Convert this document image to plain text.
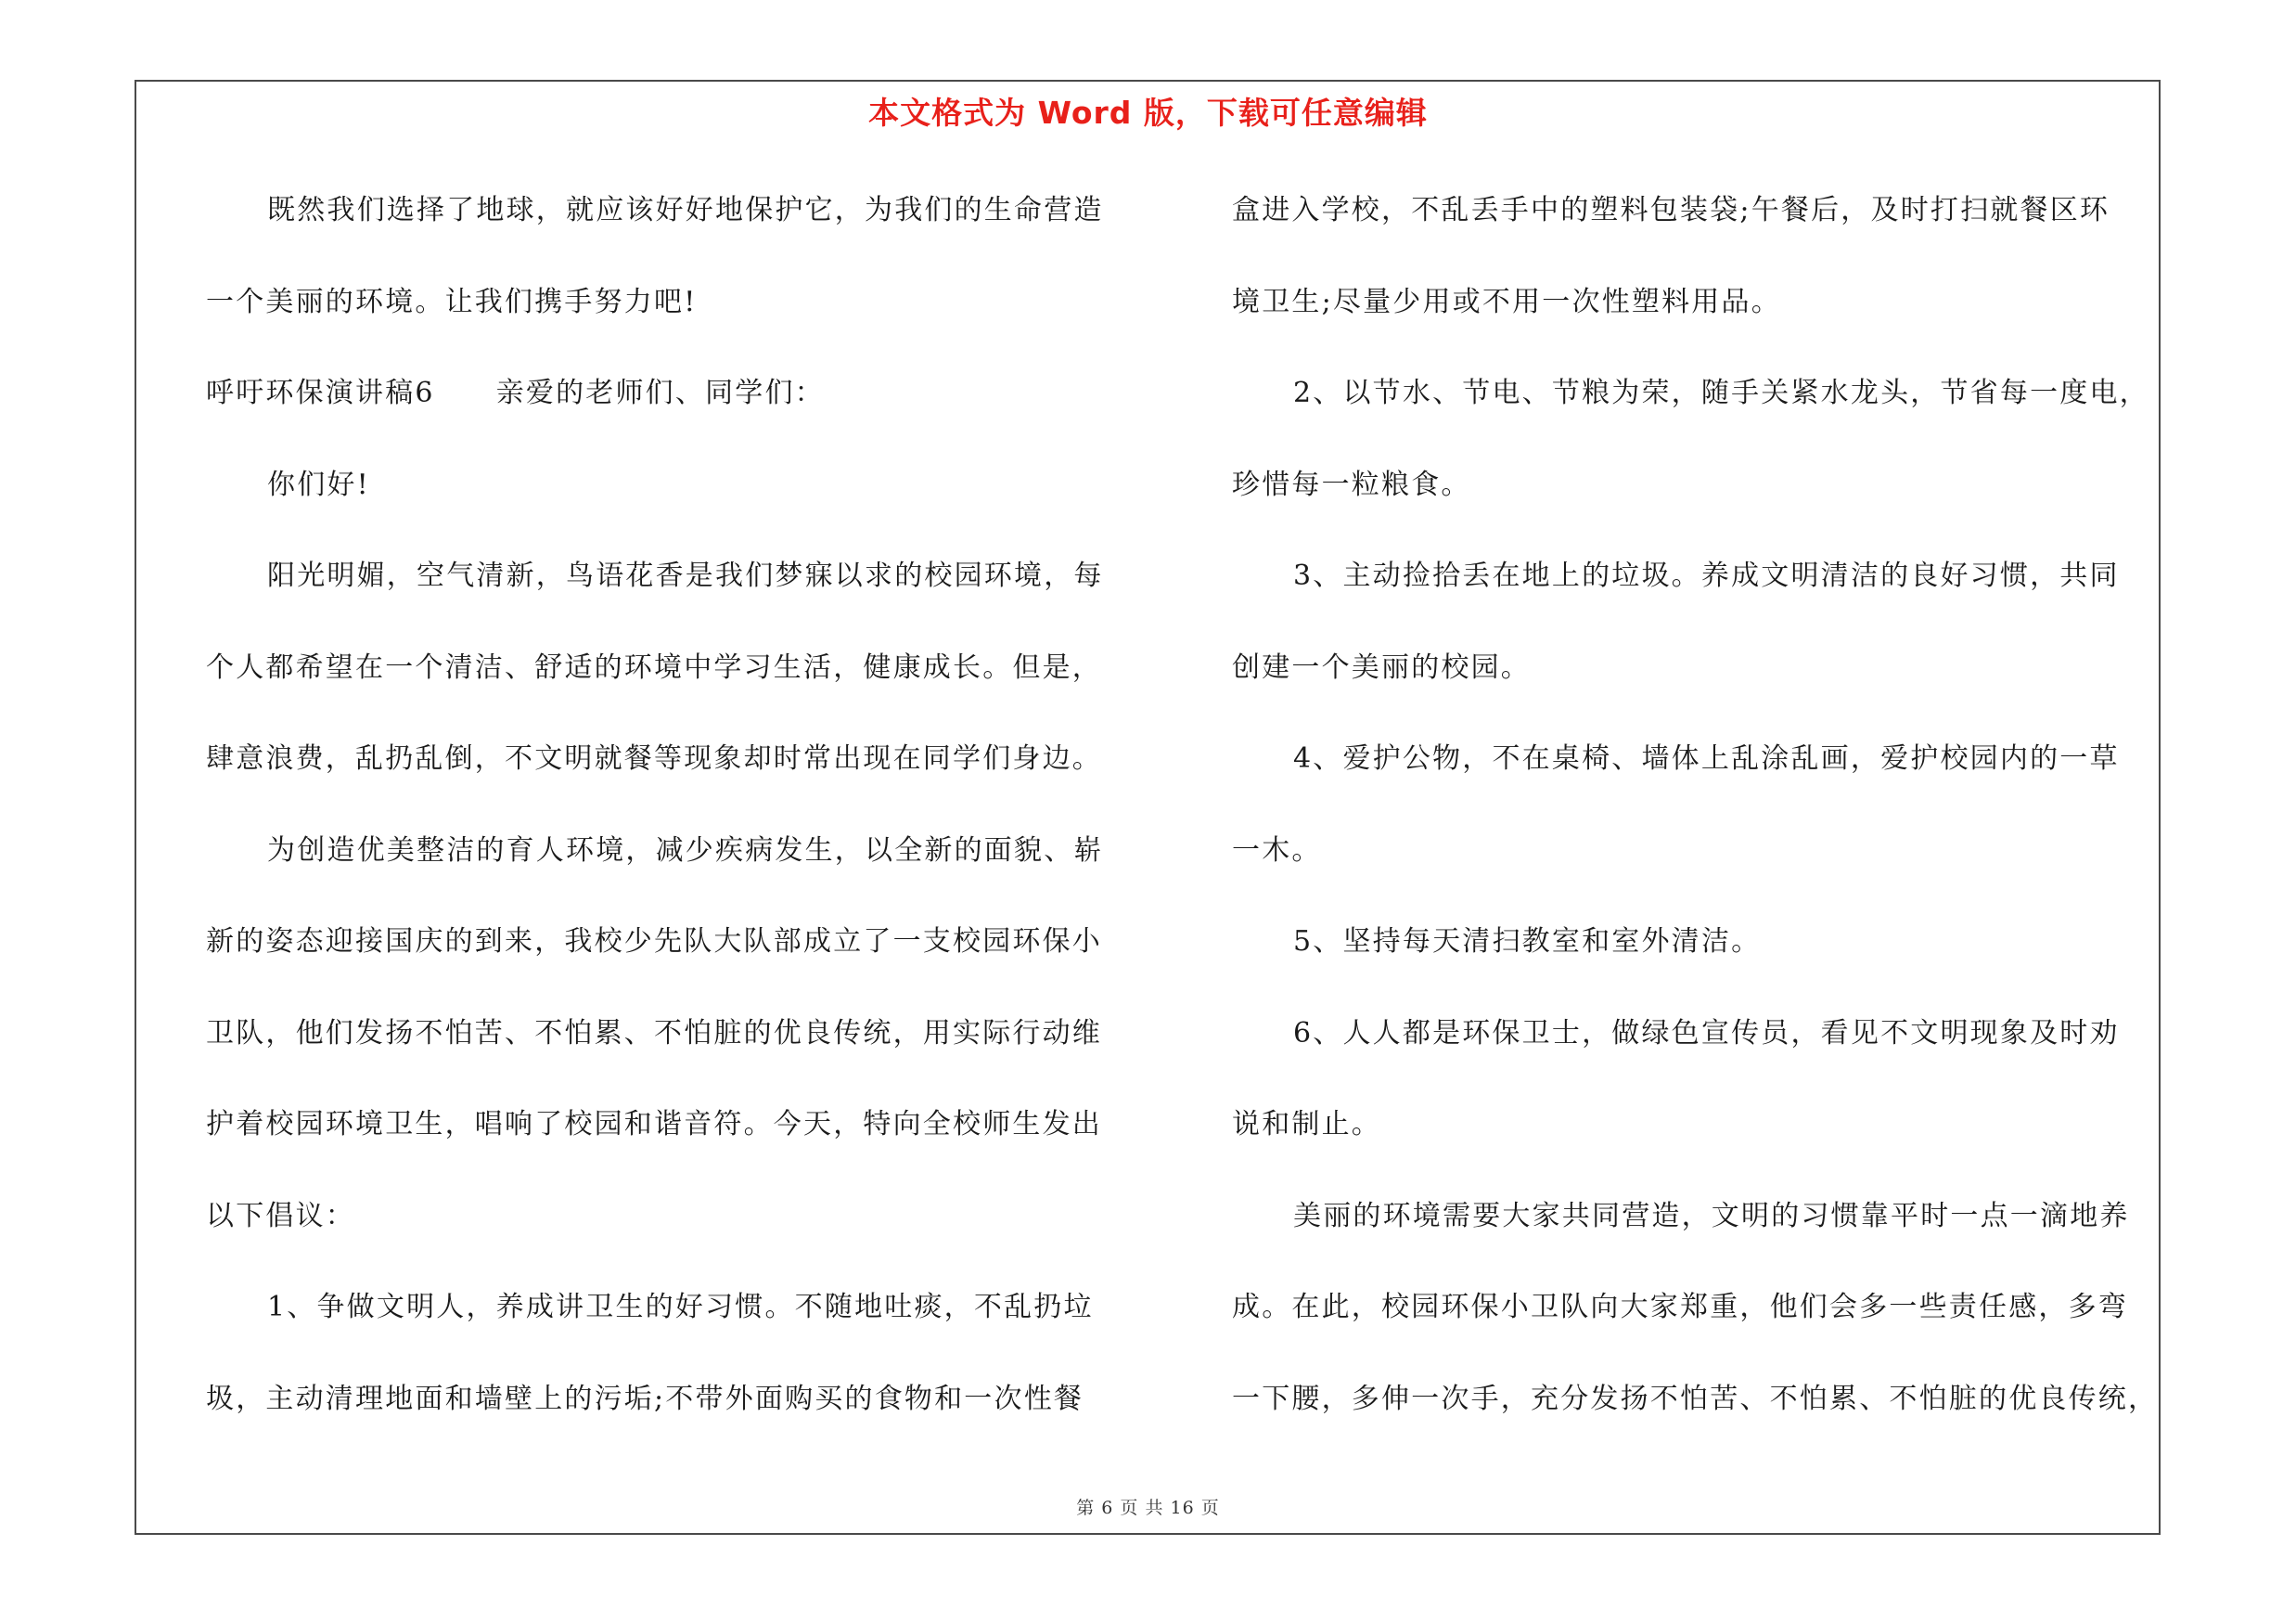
本文格式为 Word 版，下载可任意编辑
既然我们选择了地球，就应该好好地保护它，为我们的生命营造
一个美丽的环境。让我们携手努力吧!
呼吁环保演讲稿6 亲爱的老师们、同学们：
你们好!
阳光明媚，空气清新，鸟语花香是我们梦寐以求的校园环境，每
个人都希望在一个清洁、舒适的环境中学习生活，健康成长。但是，
肆意浪费，乱扔乱倒，不文明就餐等现象却时常出现在同学们身边。
为创造优美整洁的育人环境，减少疾病发生，以全新的面貌、崭
新的姿态迎接国庆的到来，我校少先队大队部成立了一支校园环保小
卫队，他们发扬不怕苦、不怕累、不怕脏的优良传统，用实际行动维
护着校园环境卫生，唱响了校园和谐音符。今天，特向全校师生发出
以下倡议：
1、争做文明人，养成讲卫生的好习惯。不随地吐痰，不乱扔垃
圾，主动清理地面和墙壁上的污垢;不带外面购买的食物和一次性餐
盒进入学校，不乱丢手中的塑料包装袋;午餐后，及时打扫就餐区环
境卫生;尽量少用或不用一次性塑料用品。
2、以节水、节电、节粮为荣，随手关紧水龙头，节省每一度电，
珍惜每一粒粮食。
3、主动捡拾丢在地上的垃圾。养成文明清洁的良好习惯，共同
创建一个美丽的校园。
4、爱护公物，不在桌椅、墙体上乱涂乱画，爱护校园内的一草
一木。
5、坚持每天清扫教室和室外清洁。
6、人人都是环保卫士，做绿色宣传员，看见不文明现象及时劝
说和制止。
美丽的环境需要大家共同营造，文明的习惯靠平时一点一滴地养
成。在此，校园环保小卫队向大家郑重，他们会多一些责任感，多弯
一下腰，多伸一次手，充分发扬不怕苦、不怕累、不怕脏的优良传统，
第 6 页 共 16 页
